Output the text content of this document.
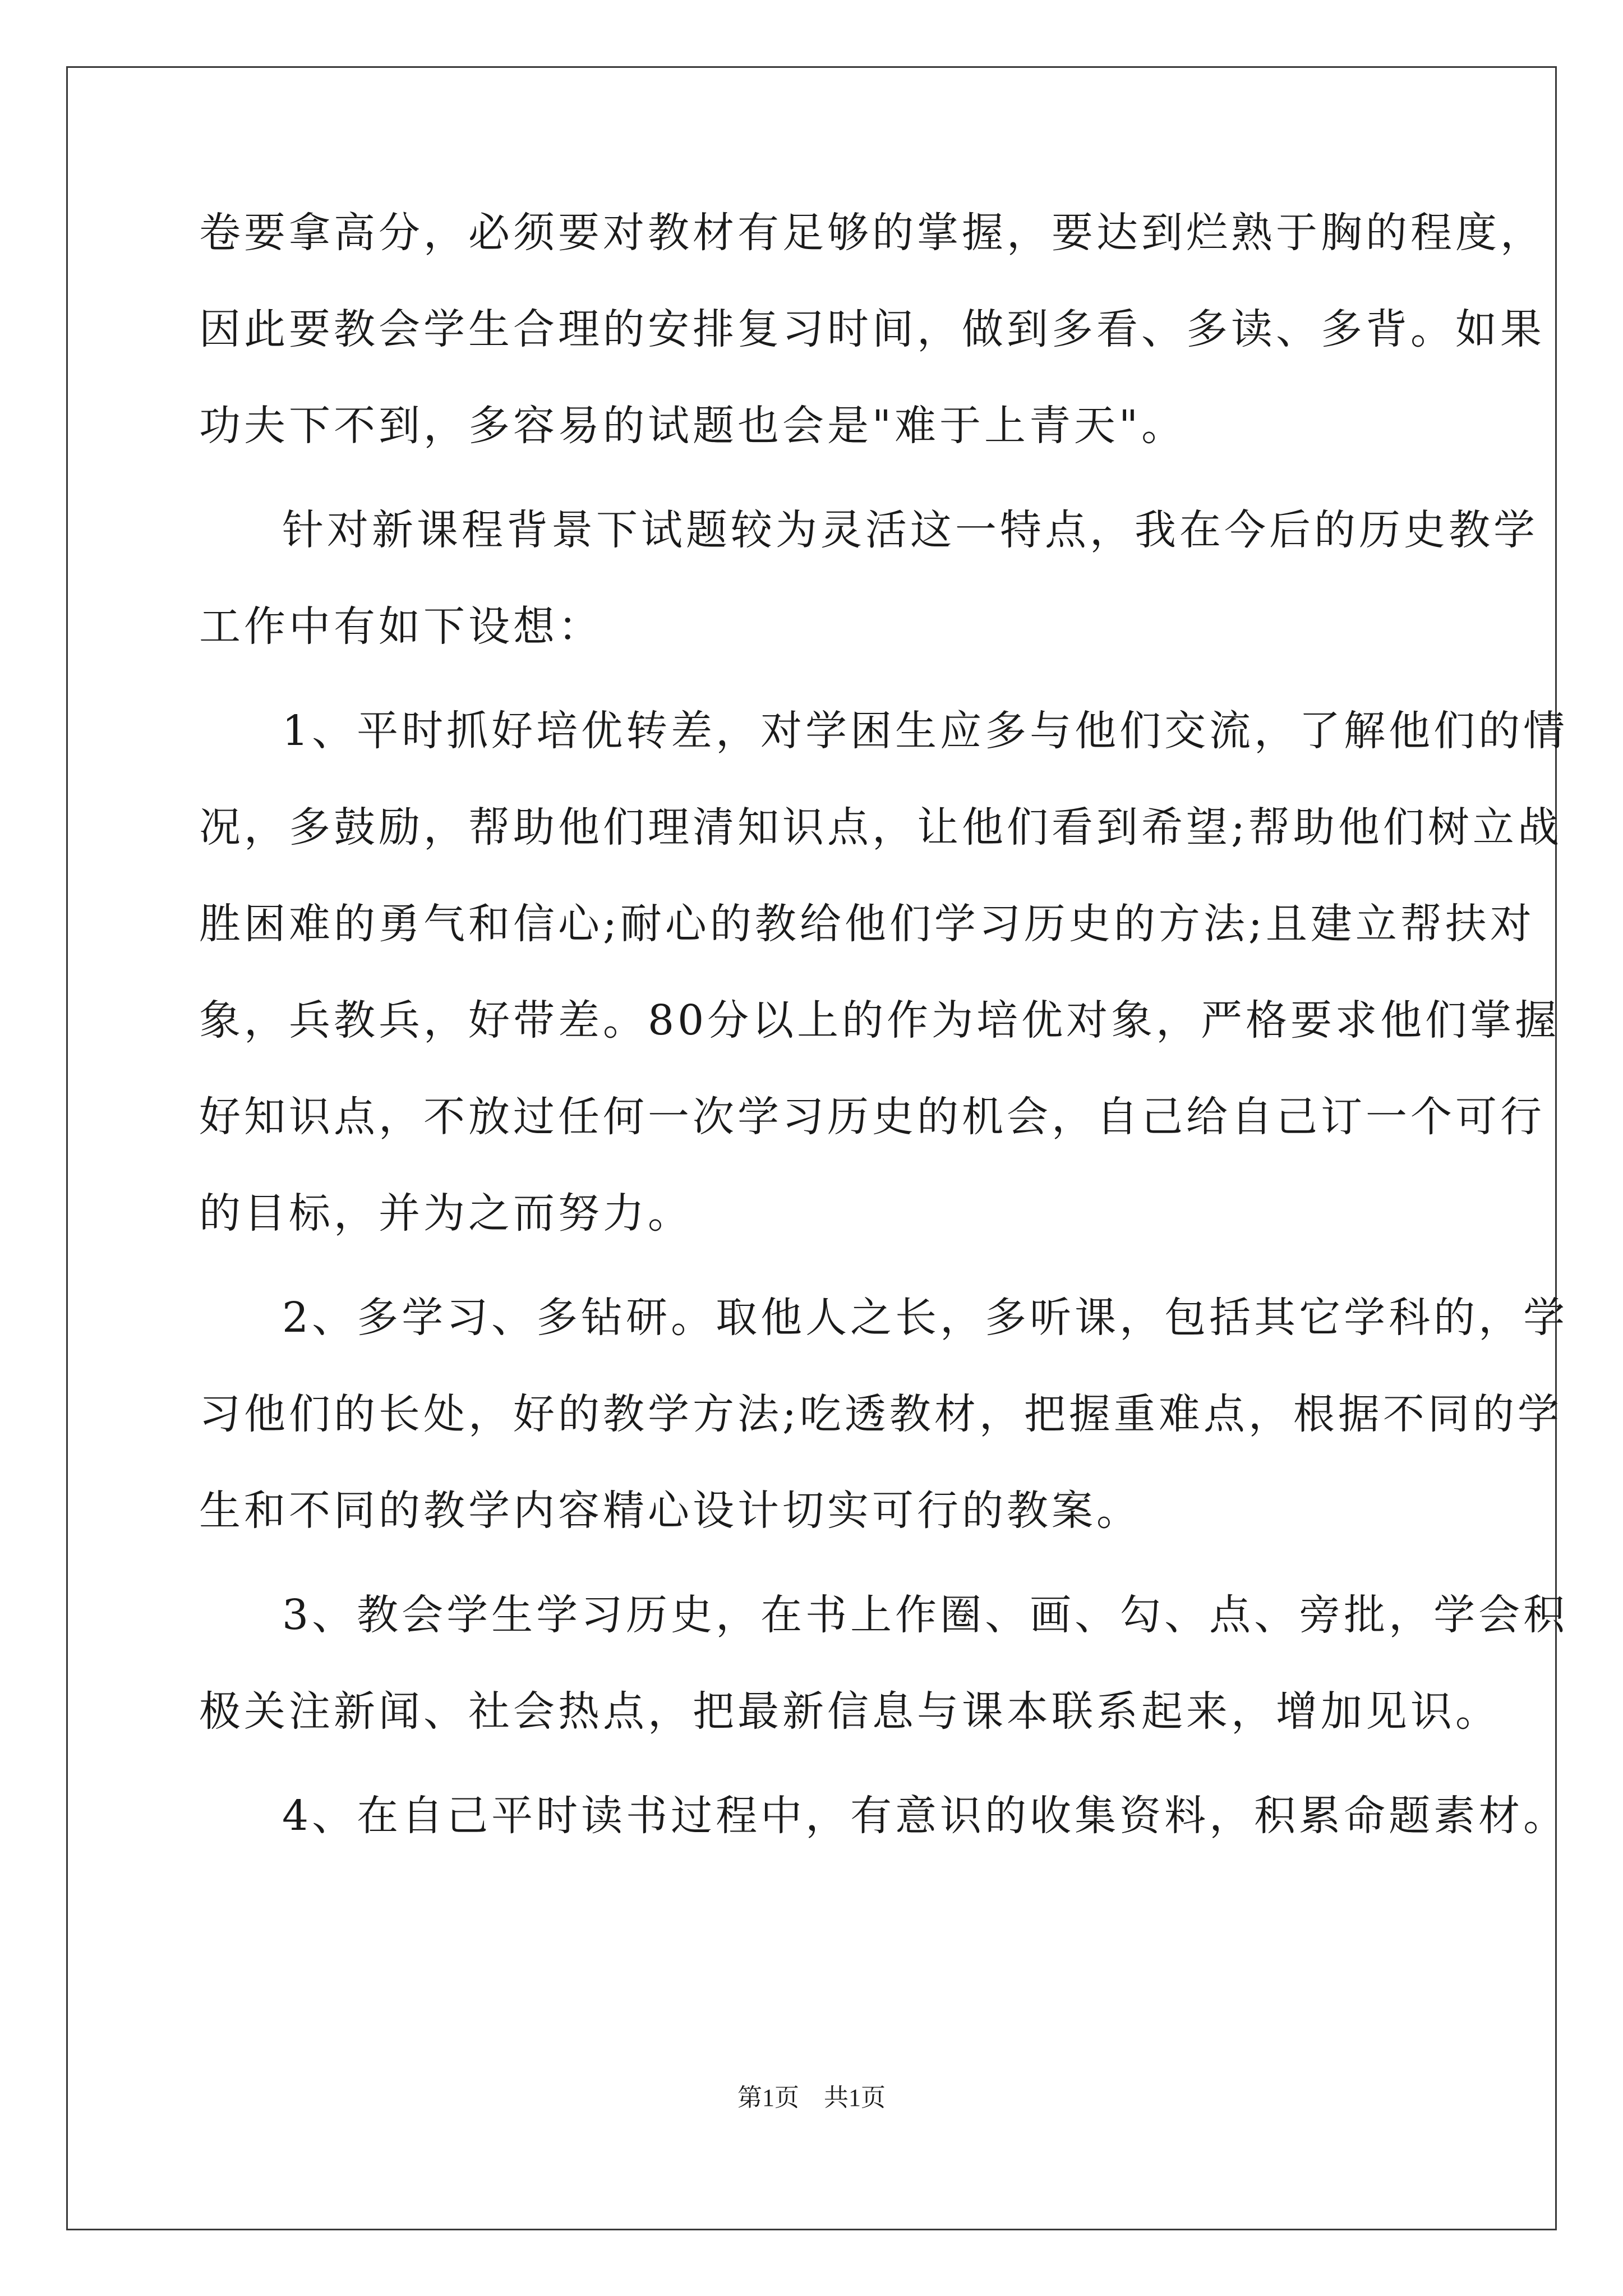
卷要拿高分，必须要对教材有足够的掌握，要达到烂熟于胸的程度，
因此要教会学生合理的安排复习时间，做到多看、多读、多背。如果
功夫下不到，多容易的试题也会是"难于上青天"。
针对新课程背景下试题较为灵活这一特点，我在今后的历史教学
工作中有如下设想：
1、平时抓好培优转差，对学困生应多与他们交流，了解他们的情
况，多鼓励，帮助他们理清知识点，让他们看到希望;帮助他们树立战
胜困难的勇气和信心;耐心的教给他们学习历史的方法;且建立帮扶对
象，兵教兵，好带差。80分以上的作为培优对象，严格要求他们掌握
好知识点，不放过任何一次学习历史的机会，自己给自己订一个可行
的目标，并为之而努力。
2、多学习、多钻研。取他人之长，多听课，包括其它学科的，学
习他们的长处，好的教学方法;吃透教材，把握重难点，根据不同的学
生和不同的教学内容精心设计切实可行的教案。
3、教会学生学习历史，在书上作圈、画、勾、点、旁批，学会积
极关注新闻、社会热点，把最新信息与课本联系起来，增加见识。
4、在自己平时读书过程中，有意识的收集资料，积累命题素材。
第1页 共1页
